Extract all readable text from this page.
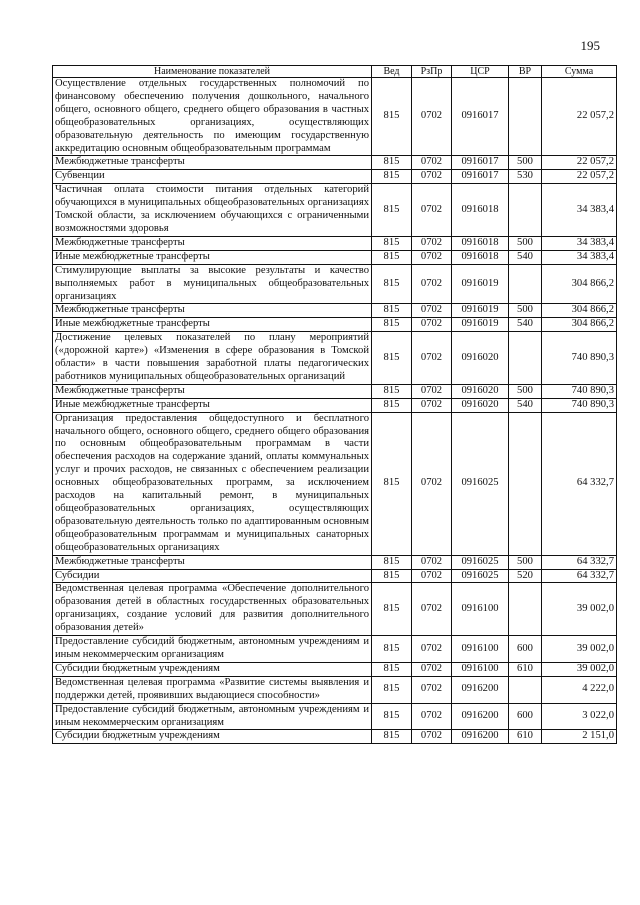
195
Наименование показателей	Вед	РзПр	ЦСР	ВР	Сумма
Осуществление отдельных государственных полномочий по финансовому обеспечению получения дошкольного, начального общего, основного общего, среднего общего образования в частных общеобразовательных организациях, осуществляющих образовательную деятельность по имеющим государственную аккредитацию основным общеобразовательным программам	815	0702	0916017		22 057,2
Межбюджетные трансферты	815	0702	0916017	500	22 057,2
Субвенции	815	0702	0916017	530	22 057,2
Частичная оплата стоимости питания отдельных категорий обучающихся в муниципальных общеобразовательных организациях Томской области, за исключением обучающихся с ограниченными возможностями здоровья	815	0702	0916018		34 383,4
Межбюджетные трансферты	815	0702	0916018	500	34 383,4
Иные межбюджетные трансферты	815	0702	0916018	540	34 383,4
Стимулирующие выплаты за высокие результаты и качество выполняемых работ в муниципальных общеобразовательных организациях	815	0702	0916019		304 866,2
Межбюджетные трансферты	815	0702	0916019	500	304 866,2
Иные межбюджетные трансферты	815	0702	0916019	540	304 866,2
Достижение целевых показателей по плану мероприятий («дорожной карте») «Изменения в сфере образования в Томской области» в части повышения заработной платы педагогических работников муниципальных общеобразовательных организаций	815	0702	0916020		740 890,3
Межбюджетные трансферты	815	0702	0916020	500	740 890,3
Иные межбюджетные трансферты	815	0702	0916020	540	740 890,3
Организация предоставления общедоступного и бесплатного начального общего, основного общего, среднего общего образования по основным общеобразовательным программам в части обеспечения расходов на содержание зданий, оплаты коммунальных услуг и прочих расходов, не связанных с обеспечением реализации основных общеобразовательных программ, за исключением расходов на капитальный ремонт, в муниципальных общеобразовательных организациях, осуществляющих образовательную деятельность только по адаптированным основным общеобразовательным программам и муниципальных санаторных общеобразовательных организациях	815	0702	0916025		64 332,7
Межбюджетные трансферты	815	0702	0916025	500	64 332,7
Субсидии	815	0702	0916025	520	64 332,7
Ведомственная целевая программа «Обеспечение дополнительного образования детей в областных государственных образовательных организациях, создание условий для развития дополнительного образования детей»	815	0702	0916100		39 002,0
Предоставление субсидий бюджетным, автономным учреждениям и иным некоммерческим организациям	815	0702	0916100	600	39 002,0
Субсидии бюджетным учреждениям	815	0702	0916100	610	39 002,0
Ведомственная целевая программа «Развитие системы выявления и поддержки детей, проявивших выдающиеся способности»	815	0702	0916200		4 222,0
Предоставление субсидий бюджетным, автономным учреждениям и иным некоммерческим организациям	815	0702	0916200	600	3 022,0
Субсидии бюджетным учреждениям	815	0702	0916200	610	2 151,0
